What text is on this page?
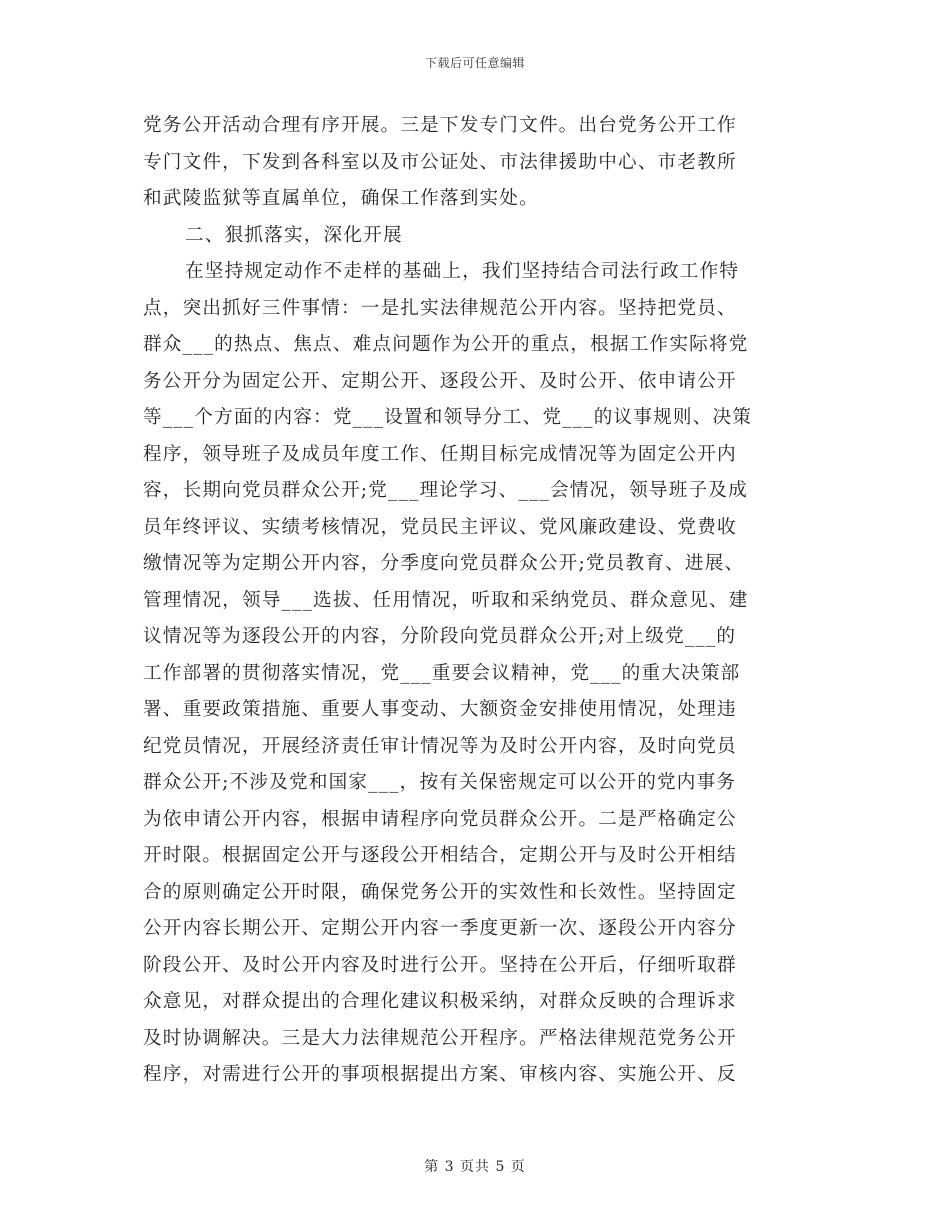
下载后可任意编辑
党务公开活动合理有序开展。三是下发专门文件。出台党务公开工作
专门文件，下发到各科室以及市公证处、市法律援助中心、市老教所
和武陵监狱等直属单位，确保工作落到实处。
二、狠抓落实，深化开展
在坚持规定动作不走样的基础上，我们坚持结合司法行政工作特
点，突出抓好三件事情：一是扎实法律规范公开内容。坚持把党员、
群众___的热点、焦点、难点问题作为公开的重点，根据工作实际将党
务公开分为固定公开、定期公开、逐段公开、及时公开、依申请公开
等___个方面的内容：党___设置和领导分工、党___的议事规则、决策
程序，领导班子及成员年度工作、任期目标完成情况等为固定公开内
容，长期向党员群众公开;党___理论学习、___会情况，领导班子及成
员年终评议、实绩考核情况，党员民主评议、党风廉政建设、党费收
缴情况等为定期公开内容，分季度向党员群众公开;党员教育、进展、
管理情况，领导___选拔、任用情况，听取和采纳党员、群众意见、建
议情况等为逐段公开的内容，分阶段向党员群众公开;对上级党___的
工作部署的贯彻落实情况，党___重要会议精神，党___的重大决策部
署、重要政策措施、重要人事变动、大额资金安排使用情况，处理违
纪党员情况，开展经济责任审计情况等为及时公开内容，及时向党员
群众公开;不涉及党和国家___，按有关保密规定可以公开的党内事务
为依申请公开内容，根据申请程序向党员群众公开。二是严格确定公
开时限。根据固定公开与逐段公开相结合，定期公开与及时公开相结
合的原则确定公开时限，确保党务公开的实效性和长效性。坚持固定
公开内容长期公开、定期公开内容一季度更新一次、逐段公开内容分
阶段公开、及时公开内容及时进行公开。坚持在公开后，仔细听取群
众意见，对群众提出的合理化建议积极采纳，对群众反映的合理诉求
及时协调解决。三是大力法律规范公开程序。严格法律规范党务公开
程序，对需进行公开的事项根据提出方案、审核内容、实施公开、反
第 3 页共 5 页
